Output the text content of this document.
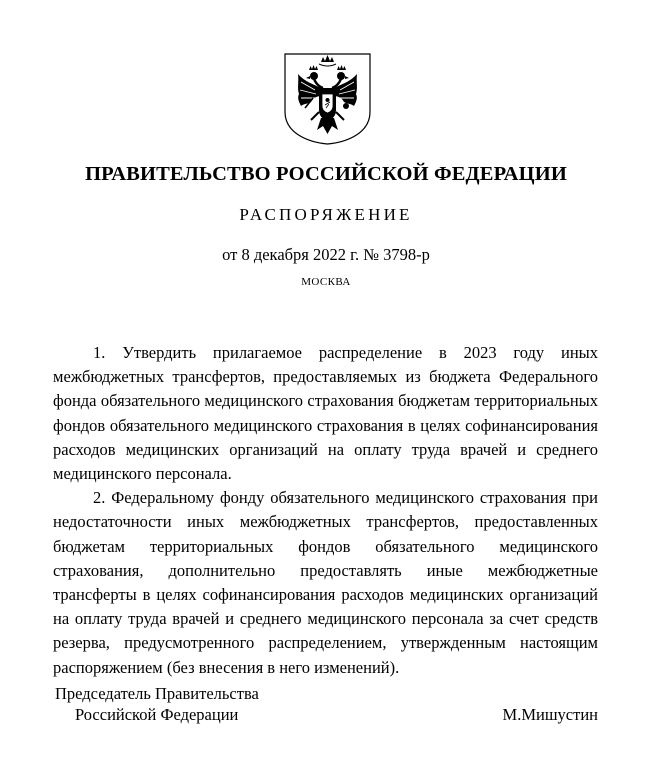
ПРАВИТЕЛЬСТВО РОССИЙСКОЙ ФЕДЕРАЦИИ
РАСПОРЯЖЕНИЕ
от 8 декабря 2022 г. № 3798-р
МОСКВА

1. Утвердить прилагаемое распределение в 2023 году иных межбюджетных трансфертов, предоставляемых из бюджета Федерального фонда обязательного медицинского страхования бюджетам территориальных фондов обязательного медицинского страхования в целях софинансирования расходов медицинских организаций на оплату труда врачей и среднего медицинского персонала.

2. Федеральному фонду обязательного медицинского страхования при недостаточности иных межбюджетных трансфертов, предоставленных бюджетам территориальных фондов обязательного медицинского страхования, дополнительно предоставлять иные межбюджетные трансферты в целях софинансирования расходов медицинских организаций на оплату труда врачей и среднего медицинского персонала за счет средств резерва, предусмотренного распределением, утвержденным настоящим распоряжением (без внесения в него изменений).

Председатель Правительства
Российской Федерации	М.Мишустин
